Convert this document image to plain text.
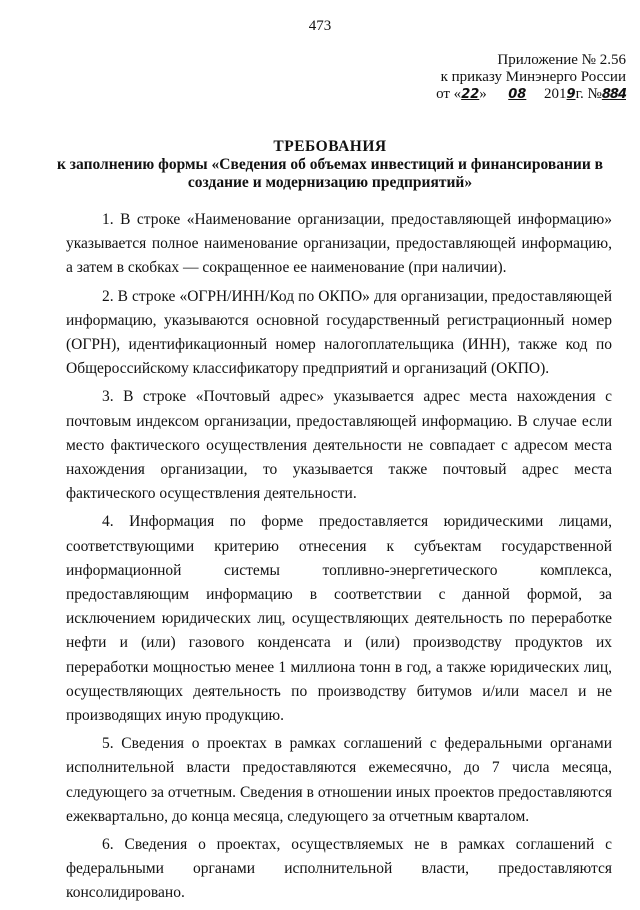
473
Приложение № 2.56
к приказу Минэнерго России
от «22» 08 2019г. №884
ТРЕБОВАНИЯ
к заполнению формы «Сведения об объемах инвестиций и финансировании в создание и модернизацию предприятий»

1. В строке «Наименование организации, предоставляющей информацию» указывается полное наименование организации, предоставляющей информацию, а затем в скобках — сокращенное ее наименование (при наличии).

2. В строке «ОГРН/ИНН/Код по ОКПО» для организации, предоставляющей информацию, указываются основной государственный регистрационный номер (ОГРН), идентификационный номер налогоплательщика (ИНН), также код по Общероссийскому классификатору предприятий и организаций (ОКПО).

3. В строке «Почтовый адрес» указывается адрес места нахождения с почтовым индексом организации, предоставляющей информацию. В случае если место фактического осуществления деятельности не совпадает с адресом места нахождения организации, то указывается также почтовый адрес места фактического осуществления деятельности.

4. Информация по форме предоставляется юридическими лицами, соответствующими критерию отнесения к субъектам государственной информационной системы топливно-энергетического комплекса, предоставляющим информацию в соответствии с данной формой, за исключением юридических лиц, осуществляющих деятельность по переработке нефти и (или) газового конденсата и (или) производству продуктов их переработки мощностью менее 1 миллиона тонн в год, а также юридических лиц, осуществляющих деятельность по производству битумов и/или масел и не производящих иную продукцию.

5. Сведения о проектах в рамках соглашений с федеральными органами исполнительной власти предоставляются ежемесячно, до 7 числа месяца, следующего за отчетным. Сведения в отношении иных проектов предоставляются ежеквартально, до конца месяца, следующего за отчетным кварталом.

6. Сведения о проектах, осуществляемых не в рамках соглашений с федеральными органами исполнительной власти, предоставляются консолидировано.
